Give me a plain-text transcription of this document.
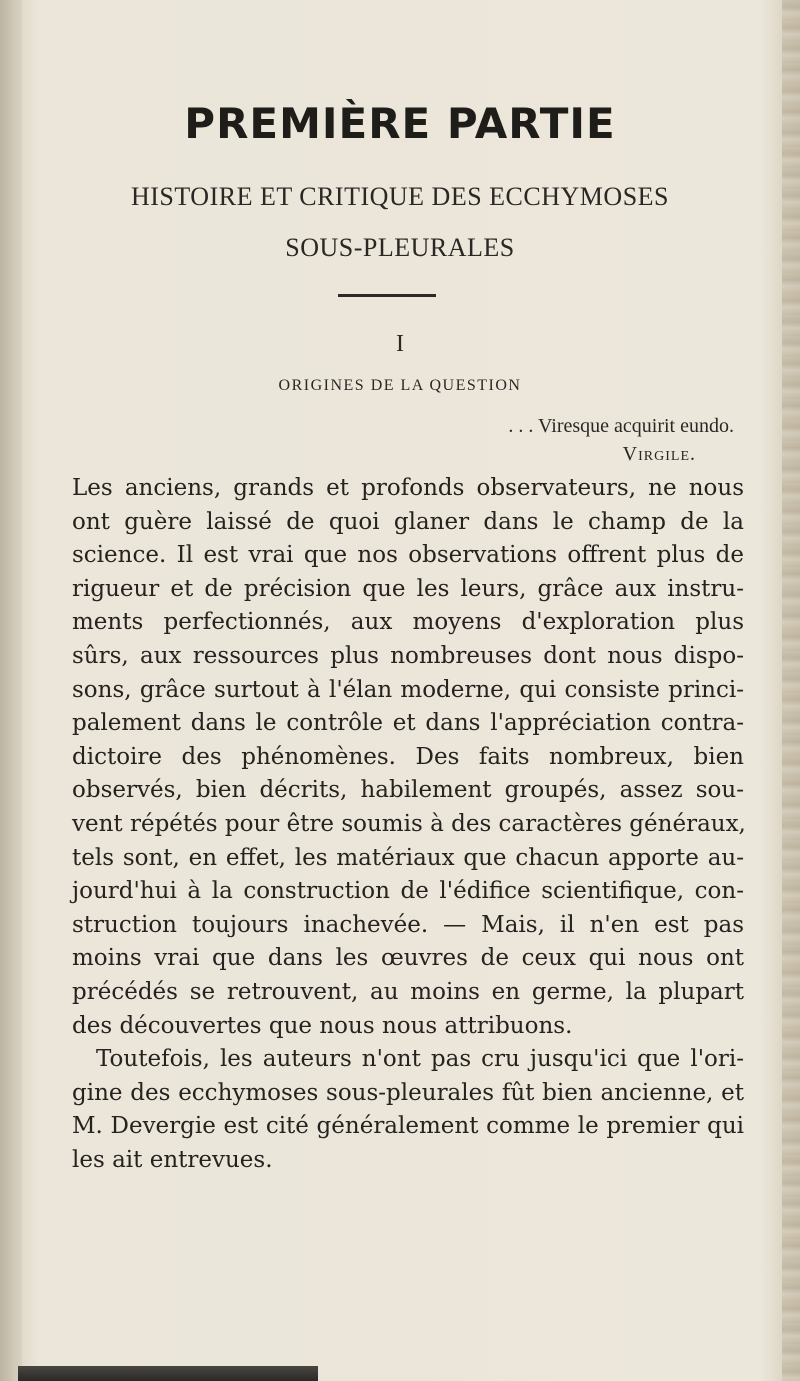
PREMIÈRE PARTIE
HISTOIRE ET CRITIQUE DES ECCHYMOSES
SOUS-PLEURALES
I
ORIGINES DE LA QUESTION
. . . Viresque acquirit eundo.
Virgile.
Les anciens, grands et profonds observateurs, ne nous
ont guère laissé de quoi glaner dans le champ de la
science. Il est vrai que nos observations offrent plus de
rigueur et de précision que les leurs, grâce aux instru-
ments perfectionnés, aux moyens d'exploration plus
sûrs, aux ressources plus nombreuses dont nous dispo-
sons, grâce surtout à l'élan moderne, qui consiste princi-
palement dans le contrôle et dans l'appréciation contra-
dictoire des phénomènes. Des faits nombreux, bien
observés, bien décrits, habilement groupés, assez sou-
vent répétés pour être soumis à des caractères généraux,
tels sont, en effet, les matériaux que chacun apporte au-
jourd'hui à la construction de l'édifice scientifique, con-
struction toujours inachevée. — Mais, il n'en est pas
moins vrai que dans les œuvres de ceux qui nous ont
précédés se retrouvent, au moins en germe, la plupart
des découvertes que nous nous attribuons.
Toutefois, les auteurs n'ont pas cru jusqu'ici que l'ori-
gine des ecchymoses sous-pleurales fût bien ancienne, et
M. Devergie est cité généralement comme le premier qui
les ait entrevues.
